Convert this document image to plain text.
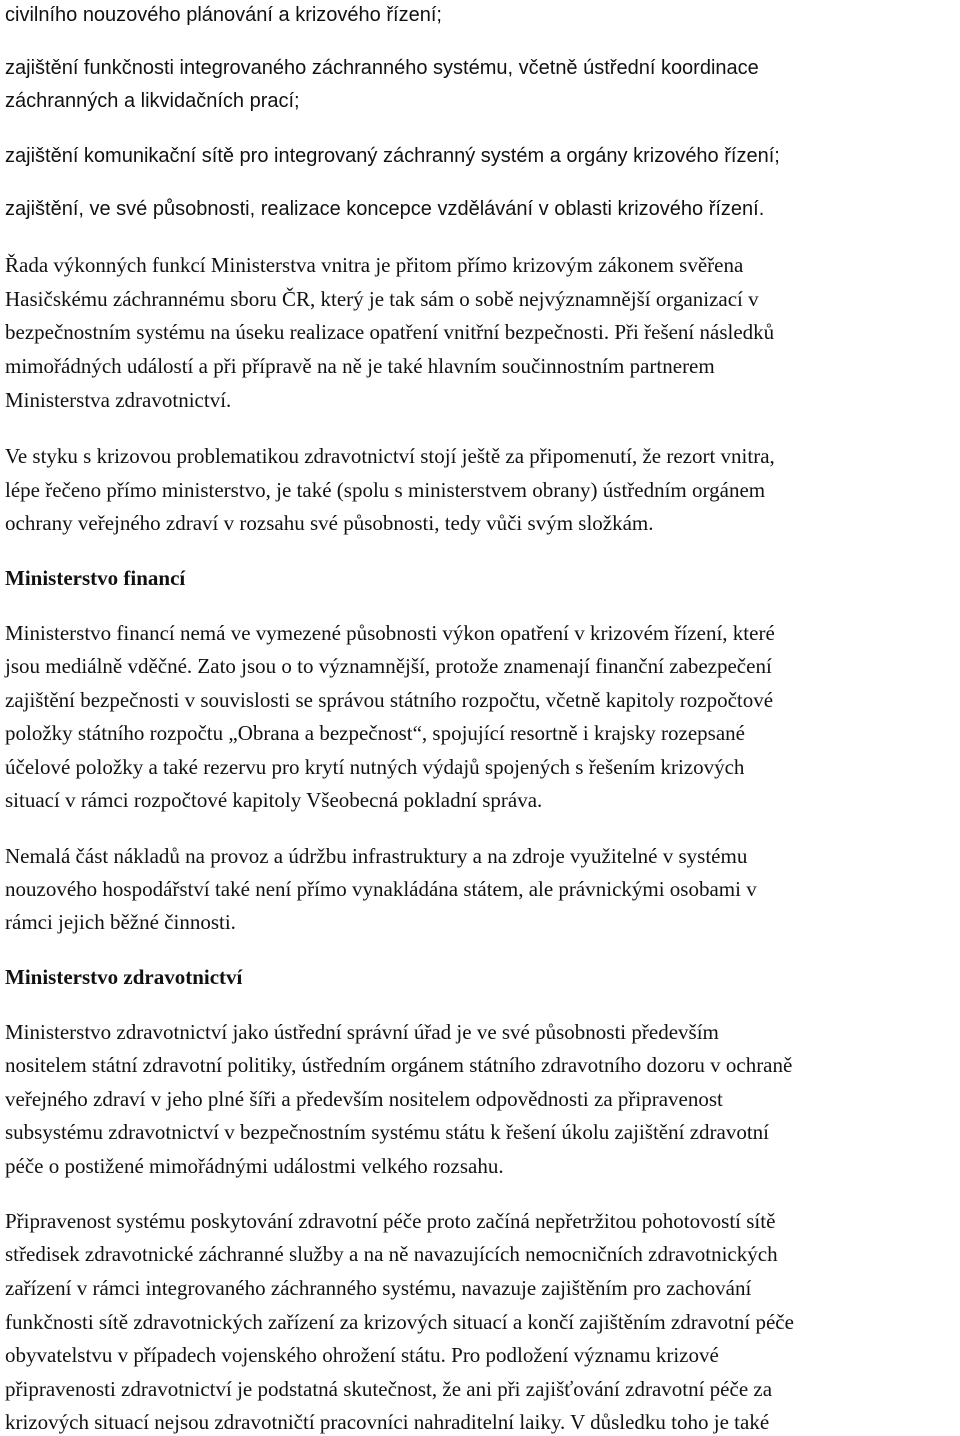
civilního nouzového plánování a krizového řízení;
zajištění funkčnosti integrovaného záchranného systému, včetně ústřední koordinace
záchranných a likvidačních prací;
zajištění komunikační sítě pro integrovaný záchranný systém a orgány krizového řízení;
zajištění, ve své působnosti, realizace koncepce vzdělávání v oblasti krizového řízení.
Řada výkonných funkcí Ministerstva vnitra je přitom přímo krizovým zákonem svěřena
Hasičskému záchrannému sboru ČR, který je tak sám o sobě nejvýznamnější organizací v
bezpečnostním systému na úseku realizace opatření vnitřní bezpečnosti. Při řešení následků
mimořádných událostí a při přípravě na ně je také hlavním součinnostním partnerem
Ministerstva zdravotnictví.
Ve styku s krizovou problematikou zdravotnictví stojí ještě za připomenutí, že rezort vnitra,
lépe řečeno přímo ministerstvo, je také (spolu s ministerstvem obrany) ústředním orgánem
ochrany veřejného zdraví v rozsahu své působnosti, tedy vůči svým složkám.
Ministerstvo financí
Ministerstvo financí nemá ve vymezené působnosti výkon opatření v krizovém řízení, které
jsou mediálně vděčné. Zato jsou o to významnější, protože znamenají finanční zabezpečení
zajištění bezpečnosti v souvislosti se správou státního rozpočtu, včetně kapitoly rozpočtové
položky státního rozpočtu „Obrana a bezpečnost“, spojující resortně i krajsky rozepsané
účelové položky a také rezervu pro krytí nutných výdajů spojených s řešením krizových
situací v rámci rozpočtové kapitoly Všeobecná pokladní správa.
Nemalá část nákladů na provoz a údržbu infrastruktury a na zdroje využitelné v systému
nouzového hospodářství také není přímo vynakládána státem, ale právnickými osobami v
rámci jejich běžné činnosti.
Ministerstvo zdravotnictví
Ministerstvo zdravotnictví jako ústřední správní úřad je ve své působnosti především
nositelem státní zdravotní politiky, ústředním orgánem státního zdravotního dozoru v ochraně
veřejného zdraví v jeho plné šíři a především nositelem odpovědnosti za připravenost
subsystému zdravotnictví v bezpečnostním systému státu k řešení úkolu zajištění zdravotní
péče o postižené mimořádnými událostmi velkého rozsahu.
Připravenost systému poskytování zdravotní péče proto začíná nepřetržitou pohotovostí sítě
středisek zdravotnické záchranné služby a na ně navazujících nemocničních zdravotnických
zařízení v rámci integrovaného záchranného systému, navazuje zajištěním pro zachování
funkčnosti sítě zdravotnických zařízení za krizových situací a končí zajištěním zdravotní péče
obyvatelstvu v případech vojenského ohrožení státu. Pro podložení významu krizové
připravenosti zdravotnictví je podstatná skutečnost, že ani při zajišťování zdravotní péče za
krizových situací nejsou zdravotničtí pracovníci nahraditelní laiky. V důsledku toho je také
